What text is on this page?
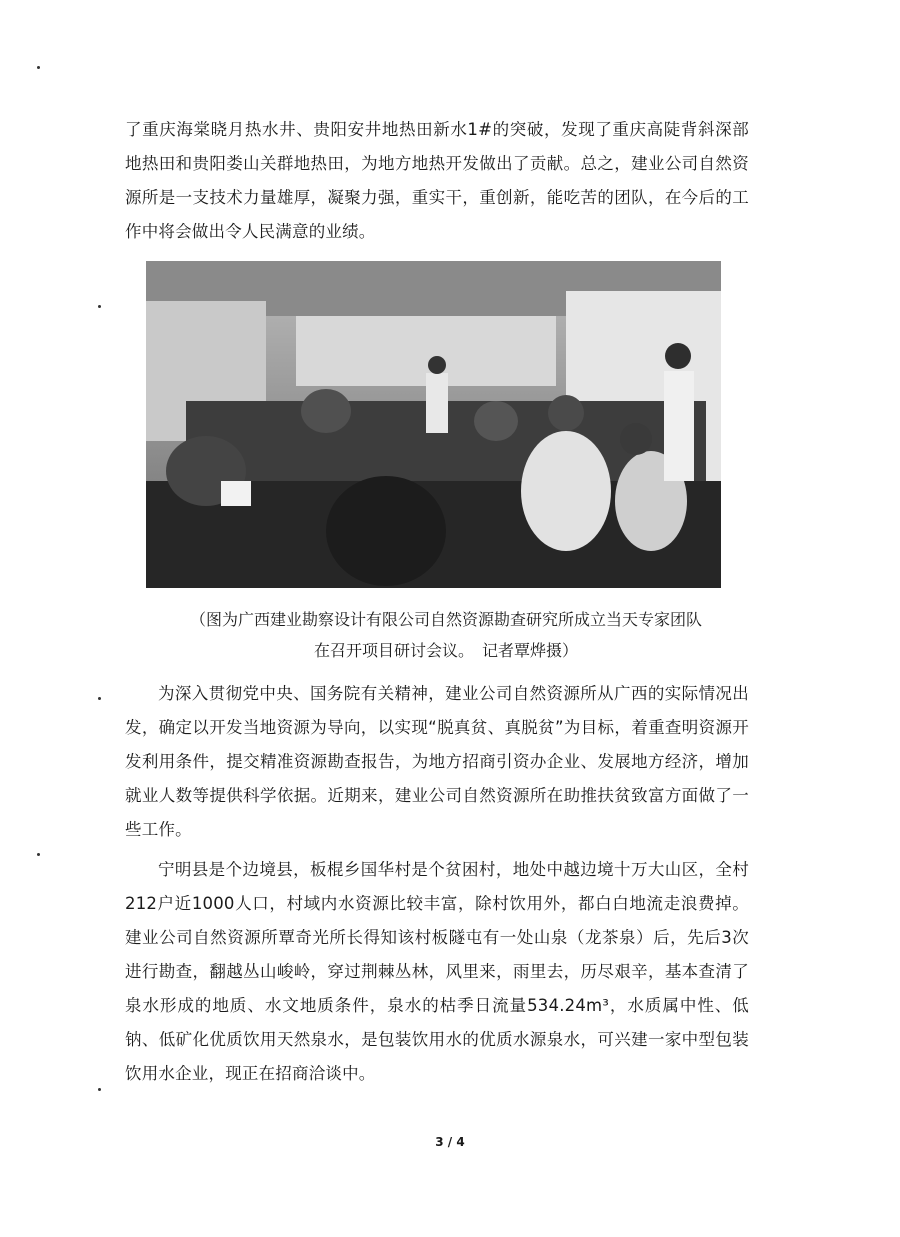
了重庆海棠晓月热水井、贵阳安井地热田新水1#的突破，发现了重庆高陡背斜深部地热田和贵阳娄山关群地热田，为地方地热开发做出了贡献。总之，建业公司自然资源所是一支技术力量雄厚，凝聚力强，重实干，重创新，能吃苦的团队，在今后的工作中将会做出令人民满意的业绩。

（图为广西建业勘察设计有限公司自然资源勘查研究所成立当天专家团队

在召开项目研讨会议。　记者覃烨摄）

为深入贯彻党中央、国务院有关精神，建业公司自然资源所从广西的实际情况出发，确定以开发当地资源为导向，以实现“脱真贫、真脱贫”为目标，着重查明资源开发利用条件，提交精准资源勘查报告，为地方招商引资办企业、发展地方经济，增加就业人数等提供科学依据。近期来，建业公司自然资源所在助推扶贫致富方面做了一些工作。

宁明县是个边境县，板棍乡国华村是个贫困村，地处中越边境十万大山区，全村212户近1000人口，村域内水资源比较丰富，除村饮用外，都白白地流走浪费掉。建业公司自然资源所覃奇光所长得知该村板隧屯有一处山泉（龙茶泉）后，先后3次进行勘查，翻越丛山峻岭，穿过荆棘丛林，风里来，雨里去，历尽艰辛，基本查清了泉水形成的地质、水文地质条件，泉水的枯季日流量534.24m³，水质属中性、低钠、低矿化优质饮用天然泉水，是包装饮用水的优质水源泉水，可兴建一家中型包装饮用水企业，现正在招商洽谈中。

3 / 4
